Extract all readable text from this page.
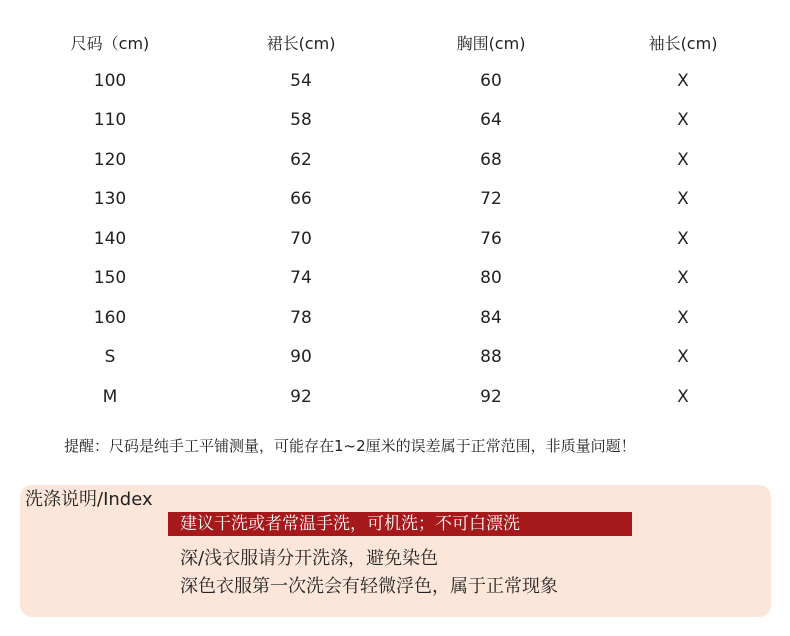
尺码（cm)	裙长(cm)	胸围(cm)	袖长(cm)
100	54	60	X
110	58	64	X
120	62	68	X
130	66	72	X
140	70	76	X
150	74	80	X
160	78	84	X
S	90	88	X
M	92	92	X
提醒：尺码是纯手工平铺测量，可能存在1~2厘米的误差属于正常范围，非质量问题！
洗涤说明/Index
建议干洗或者常温手洗，可机洗；不可白漂洗
深/浅衣服请分开洗涤，避免染色
深色衣服第一次洗会有轻微浮色，属于正常现象
